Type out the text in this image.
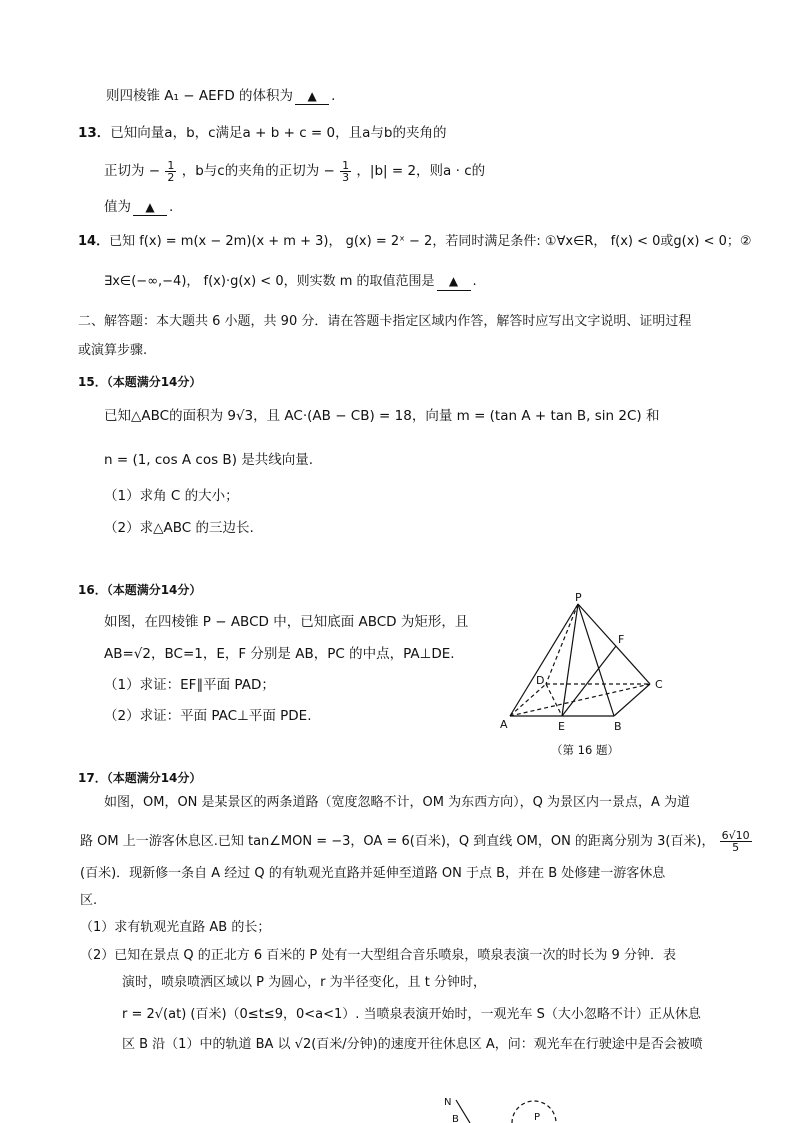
则四棱锥 A₁ − AEFD 的体积为 ▲ .
13．已知向量a，b，c满足a + b + c = 0，且a与b的夹角的
正切为 − $\frac{1}{2}$ ，b与c的夹角的正切为 − $\frac{1}{3}$ ，|b| = 2，则a · c的
值为 ▲ .
14．已知 f(x) = m(x − 2m)(x + m + 3)， g(x) = 2ˣ − 2，若同时满足条件: ①∀x∈R， f(x) < 0或g(x) < 0；②
∃x∈(−∞,−4)， f(x)·g(x) < 0，则实数 m 的取值范围是 ▲ .
二、解答题：本大题共 6 小题，共 90 分．请在答题卡指定区域内作答，解答时应写出文字说明、证明过程
或演算步骤.
15．（本题满分14分）
已知△ABC的面积为 9√3，且 AC·(AB − CB) = 18，向量 m = (tan A + tan B, sin 2C) 和
n = (1, cos A cos B) 是共线向量.
（1）求角 C 的大小；
（2）求△ABC 的三边长.
16．（本题满分14分）
如图，在四棱锥 P − ABCD 中，已知底面 ABCD 为矩形，且
AB=√2，BC=1，E，F 分别是 AB，PC 的中点，PA⊥DE.
（1）求证：EF∥平面 PAD；
（2）求证：平面 PAC⊥平面 PDE.
P
F
D	C
A	E	B
（第 16 题）
17．（本题满分14分）
如图，OM，ON 是某景区的两条道路（宽度忽略不计，OM 为东西方向），Q 为景区内一景点，A 为道
路 OM 上一游客休息区.已知 tan∠MON = −3，OA = 6(百米)，Q 到直线 OM，ON 的距离分别为 3(百米)， $\frac{6√10}{5}$
(百米)．现新修一条自 A 经过 Q 的有轨观光直路并延伸至道路 ON 于点 B，并在 B 处修建一游客休息
区.
（1）求有轨观光直路 AB 的长；
（2）已知在景点 Q 的正北方 6 百米的 P 处有一大型组合音乐喷泉，喷泉表演一次的时长为 9 分钟．表
演时，喷泉喷洒区域以 P 为圆心，r 为半径变化，且 t 分钟时，
r = 2√(at) (百米)（0≤t≤9，0<a<1）. 当喷泉表演开始时，一观光车 S（大小忽略不计）正从休息
区 B 沿（1）中的轨道 BA 以 √2(百米/分钟)的速度开往休息区 A，问：观光车在行驶途中是否会被喷
N
B	P
